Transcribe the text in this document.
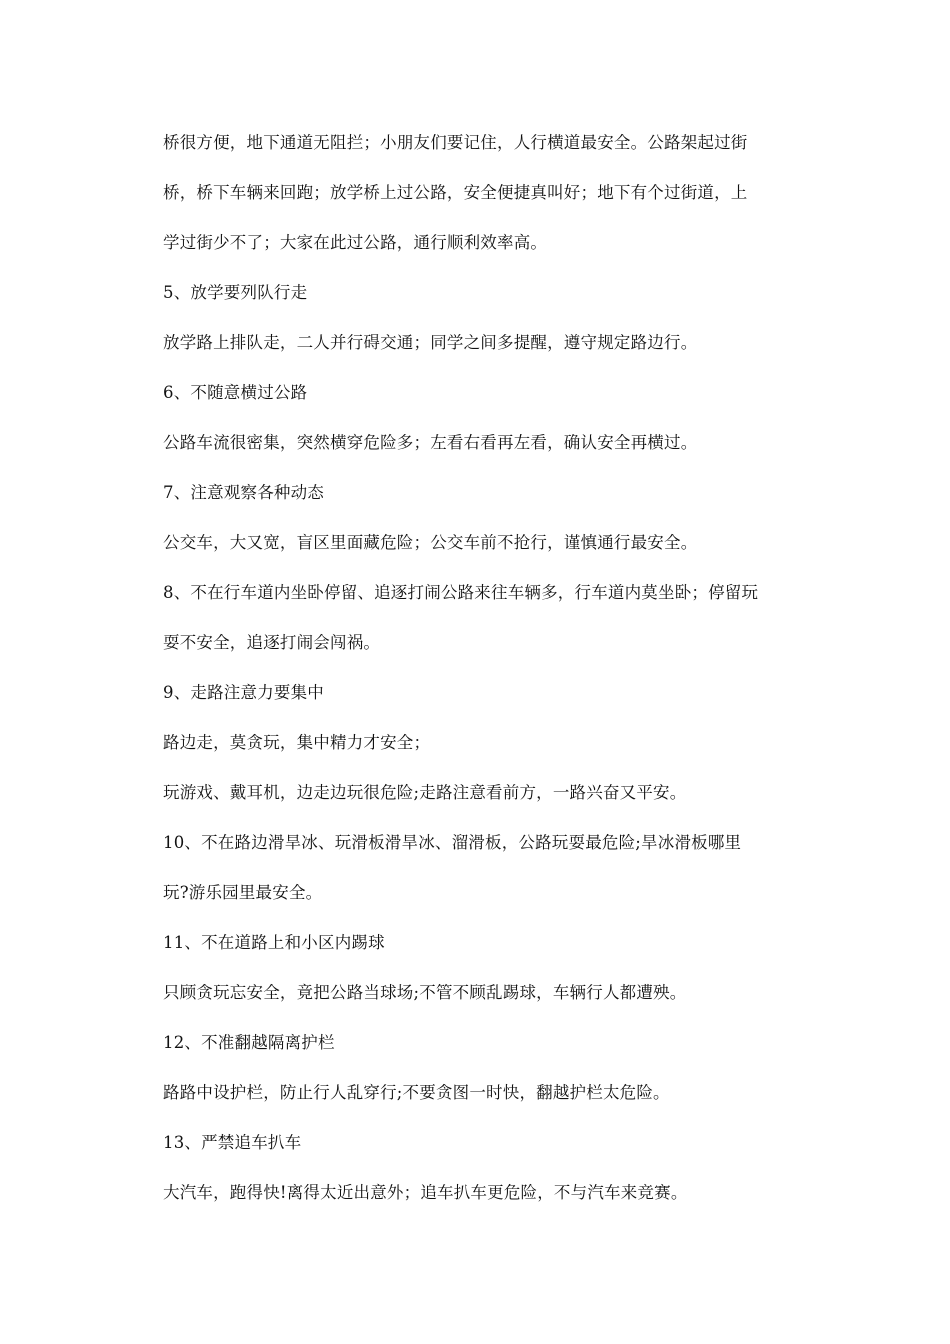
桥很方便，地下通道无阻拦；小朋友们要记住，人行横道最安全。公路架起过街
桥，桥下车辆来回跑；放学桥上过公路，安全便捷真叫好；地下有个过街道，上
学过街少不了；大家在此过公路，通行顺利效率高。
5、放学要列队行走
放学路上排队走，二人并行碍交通；同学之间多提醒，遵守规定路边行。
6、不随意横过公路
公路车流很密集，突然横穿危险多；左看右看再左看，确认安全再横过。
7、注意观察各种动态
公交车，大又宽，盲区里面藏危险；公交车前不抢行，谨慎通行最安全。
8、不在行车道内坐卧停留、追逐打闹公路来往车辆多，行车道内莫坐卧；停留玩
耍不安全，追逐打闹会闯祸。
9、走路注意力要集中
路边走，莫贪玩，集中精力才安全；
玩游戏、戴耳机，边走边玩很危险;走路注意看前方，一路兴奋又平安。
10、不在路边滑旱冰、玩滑板滑旱冰、溜滑板，公路玩耍最危险;旱冰滑板哪里
玩?游乐园里最安全。
11、不在道路上和小区内踢球
只顾贪玩忘安全，竟把公路当球场;不管不顾乱踢球，车辆行人都遭殃。
12、不准翻越隔离护栏
路路中设护栏，防止行人乱穿行;不要贪图一时快，翻越护栏太危险。
13、严禁追车扒车
大汽车，跑得快!离得太近出意外；追车扒车更危险，不与汽车来竞赛。
